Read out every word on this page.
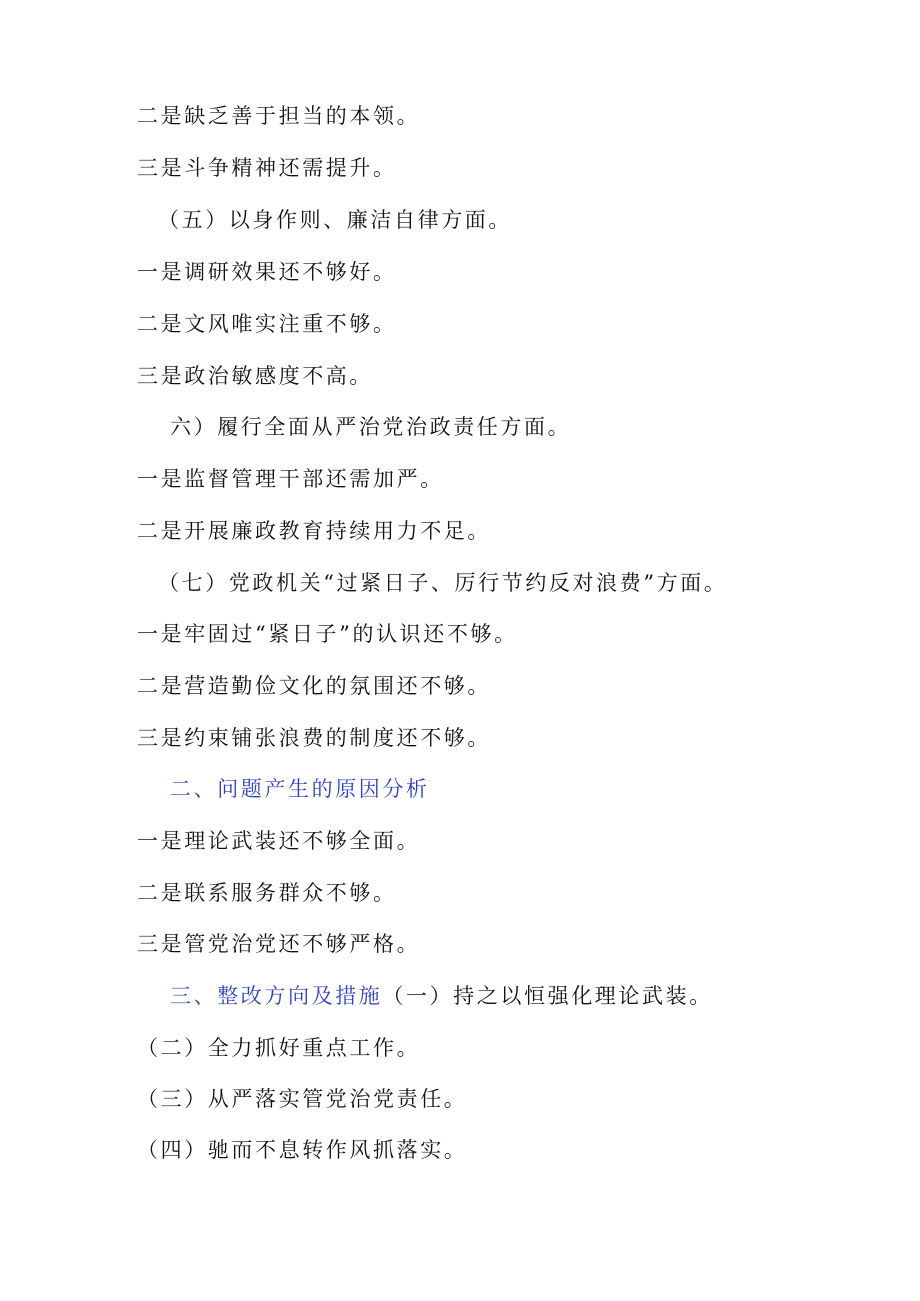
二是缺乏善于担当的本领。
三是斗争精神还需提升。
（五）以身作则、廉洁自律方面。
一是调研效果还不够好。
二是文风唯实注重不够。
三是政治敏感度不高。
六）履行全面从严治党治政责任方面。
一是监督管理干部还需加严。
二是开展廉政教育持续用力不足。
（七）党政机关“过紧日子、厉行节约反对浪费”方面。
一是牢固过“紧日子”的认识还不够。
二是营造勤俭文化的氛围还不够。
三是约束铺张浪费的制度还不够。
二、问题产生的原因分析
一是理论武装还不够全面。
二是联系服务群众不够。
三是管党治党还不够严格。
三、整改方向及措施（一）持之以恒强化理论武装。
（二）全力抓好重点工作。
（三）从严落实管党治党责任。
（四）驰而不息转作风抓落实。
